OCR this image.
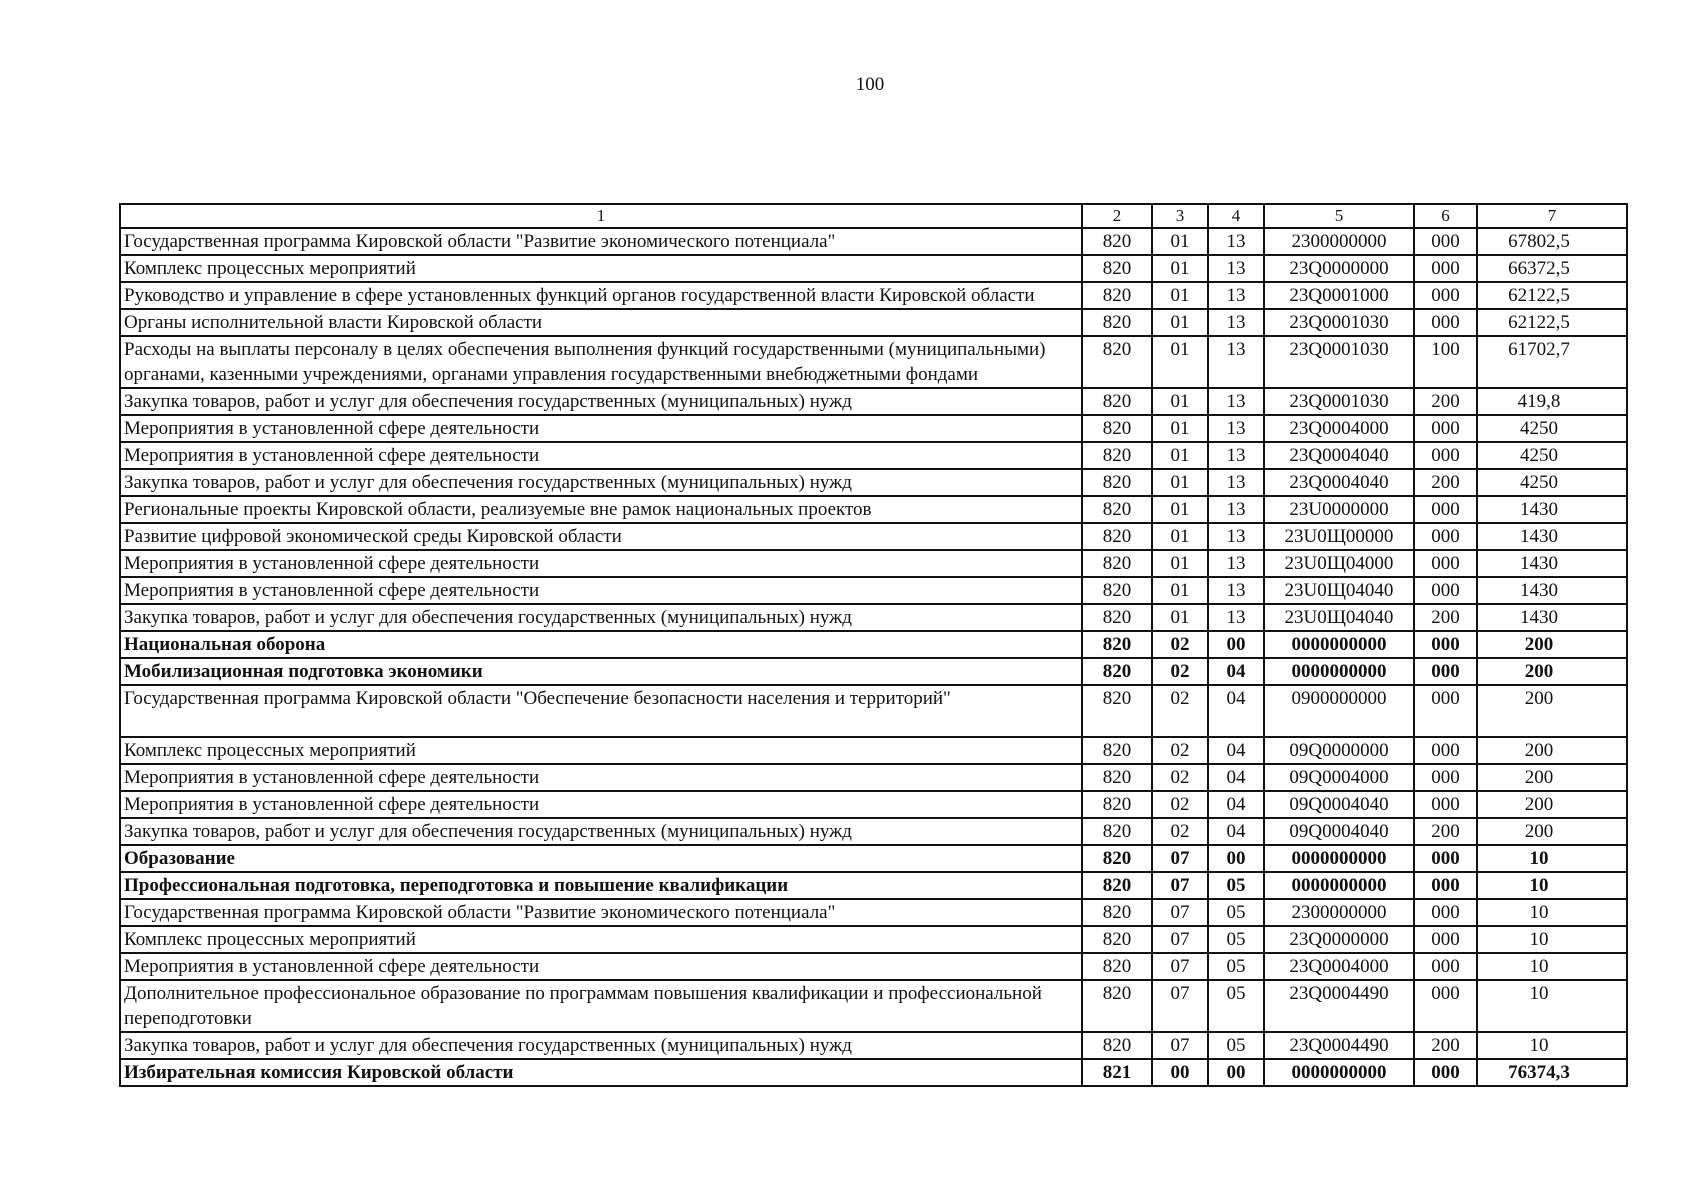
100
1	2	3	4	5	6	7
Государственная программа Кировской области "Развитие экономического потенциала"	820	01	13	2300000000	000	67802,5
Комплекс процессных мероприятий	820	01	13	23Q0000000	000	66372,5
Руководство и управление в сфере установленных функций органов государственной власти Кировской области	820	01	13	23Q0001000	000	62122,5
Органы исполнительной власти Кировской области	820	01	13	23Q0001030	000	62122,5
Расходы на выплаты персоналу в целях обеспечения выполнения функций государственными (муниципальными) органами, казенными учреждениями, органами управления государственными внебюджетными фондами	820	01	13	23Q0001030	100	61702,7
Закупка товаров, работ и услуг для обеспечения государственных (муниципальных) нужд	820	01	13	23Q0001030	200	419,8
Мероприятия в установленной сфере деятельности	820	01	13	23Q0004000	000	4250
Мероприятия в установленной сфере деятельности	820	01	13	23Q0004040	000	4250
Закупка товаров, работ и услуг для обеспечения государственных (муниципальных) нужд	820	01	13	23Q0004040	200	4250
Региональные проекты Кировской области, реализуемые вне рамок национальных проектов	820	01	13	23U0000000	000	1430
Развитие цифровой экономической среды Кировской области	820	01	13	23U0Щ00000	000	1430
Мероприятия в установленной сфере деятельности	820	01	13	23U0Щ04000	000	1430
Мероприятия в установленной сфере деятельности	820	01	13	23U0Щ04040	000	1430
Закупка товаров, работ и услуг для обеспечения государственных (муниципальных) нужд	820	01	13	23U0Щ04040	200	1430
Национальная оборона	820	02	00	0000000000	000	200
Мобилизационная подготовка экономики	820	02	04	0000000000	000	200
Государственная программа Кировской области "Обеспечение безопасности населения и территорий"	820	02	04	0900000000	000	200
Комплекс процессных мероприятий	820	02	04	09Q0000000	000	200
Мероприятия в установленной сфере деятельности	820	02	04	09Q0004000	000	200
Мероприятия в установленной сфере деятельности	820	02	04	09Q0004040	000	200
Закупка товаров, работ и услуг для обеспечения государственных (муниципальных) нужд	820	02	04	09Q0004040	200	200
Образование	820	07	00	0000000000	000	10
Профессиональная подготовка, переподготовка и повышение квалификации	820	07	05	0000000000	000	10
Государственная программа Кировской области "Развитие экономического потенциала"	820	07	05	2300000000	000	10
Комплекс процессных мероприятий	820	07	05	23Q0000000	000	10
Мероприятия в установленной сфере деятельности	820	07	05	23Q0004000	000	10
Дополнительное профессиональное образование по программам повышения квалификации и профессиональной переподготовки	820	07	05	23Q0004490	000	10
Закупка товаров, работ и услуг для обеспечения государственных (муниципальных) нужд	820	07	05	23Q0004490	200	10
Избирательная комиссия Кировской области	821	00	00	0000000000	000	76374,3
